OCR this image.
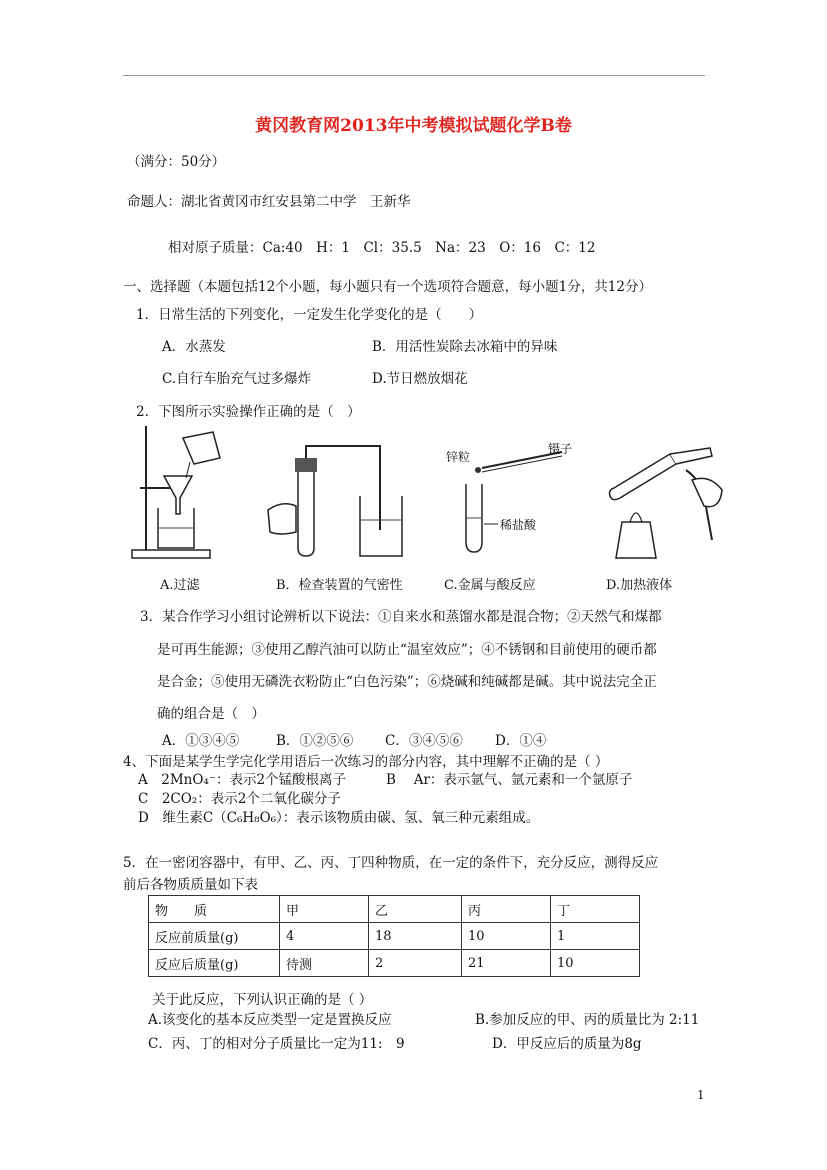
黄冈教育网2013年中考模拟试题化学B卷
（满分：50分）
命题人：湖北省黄冈市红安县第二中学　王新华
相对原子质量：Ca:40　H：1　Cl：35.5　Na：23　O：16　C：12
一、选择题（本题包括12个小题，每小题只有一个选项符合题意，每小题1分，共12分）
1．日常生活的下列变化，一定发生化学变化的是（　　）
A．水蒸发	B．用活性炭除去冰箱中的异味
C.自行车胎充气过多爆炸	D.节日燃放烟花
2．下图所示实验操作正确的是（　）
锌粒
镊子
稀盐酸
A.过滤	B．检查装置的气密性	C.金属与酸反应	D.加热液体
3．某合作学习小组讨论辨析以下说法：①自来水和蒸馏水都是混合物；②天然气和煤都
是可再生能源；③使用乙醇汽油可以防止“温室效应”；④不锈钢和目前使用的硬币都
是合金；⑤使用无磷洗衣粉防止“白色污染”；⑥烧碱和纯碱都是碱。其中说法完全正
确的组合是（　）
A．①③④⑤	B．①②⑤⑥ C．③④⑤⑥ D．①④
4、下面是某学生学完化学用语后一次练习的部分内容，其中理解不正确的是（ ）
A　2MnO₄⁻：表示2个锰酸根离子	B　 Ar：表示氩气、氩元素和一个氩原子
C　2CO₂：表示2个二氧化碳分子
D　维生素C（C₆H₈O₆）：表示该物质由碳、氢、氧三种元素组成。
5．在一密闭容器中，有甲、乙、丙、丁四种物质，在一定的条件下，充分反应，测得反应
前后各物质质量如下表
物　　质	甲	乙	丙	丁
反应前质量(g)	4	18	10	1
反应后质量(g)	待测	2	21	10
关于此反应，下列认识正确的是（ ）
A.该变化的基本反应类型一定是置换反应	B.参加反应的甲、丙的质量比为 2:11
C．丙、丁的相对分子质量比一定为11:　9	D．甲反应后的质量为8g
1
